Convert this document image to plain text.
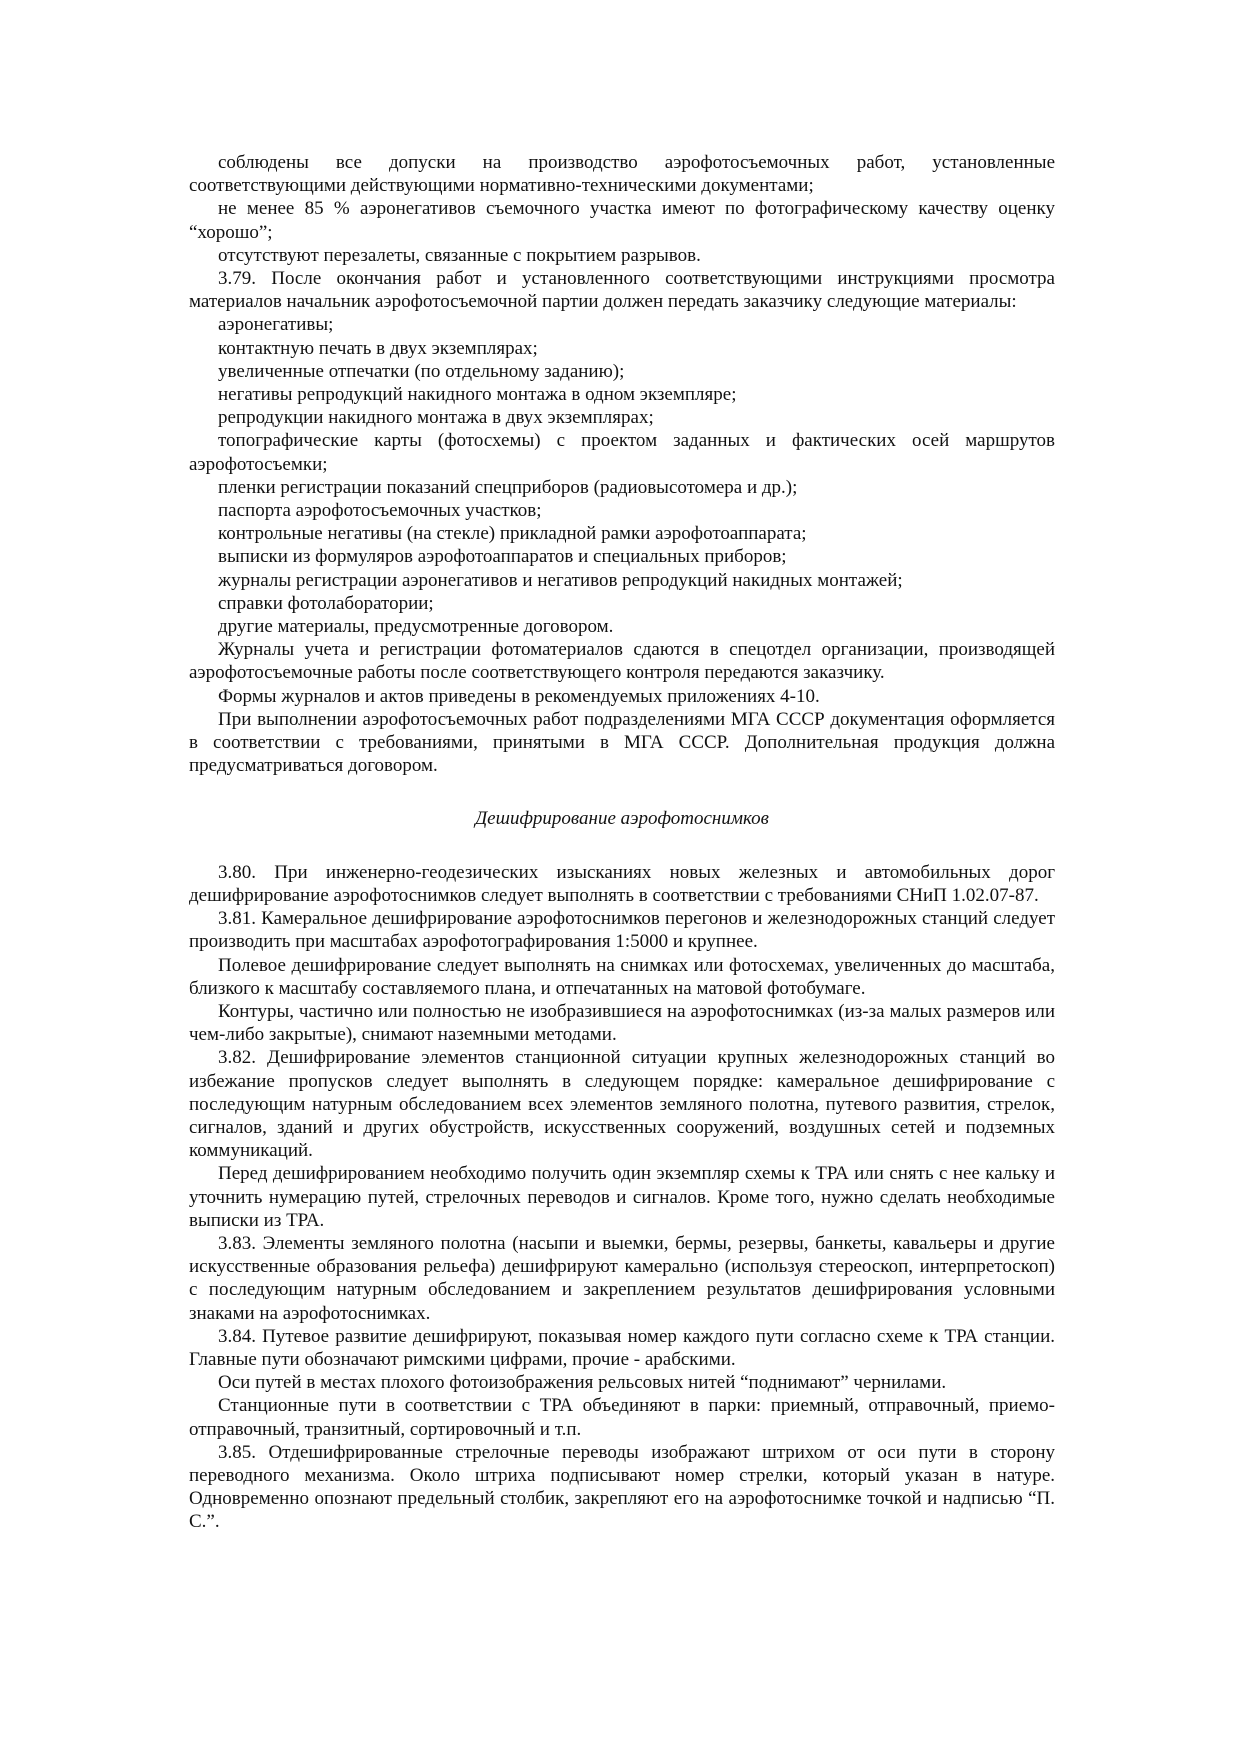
соблюдены все допуски на производство аэрофотосъемочных работ, установленные соответствующими действующими нормативно-техническими документами;

не менее 85 % аэронегативов съемочного участка имеют по фотографическому качеству оценку “хорошо”;

отсутствуют перезалеты, связанные с покрытием разрывов.

3.79. После окончания работ и установленного соответствующими инструкциями просмотра материалов начальник аэрофотосъемочной партии должен передать заказчику следующие материалы:

аэронегативы;

контактную печать в двух экземплярах;

увеличенные отпечатки (по отдельному заданию);

негативы репродукций накидного монтажа в одном экземпляре;

репродукции накидного монтажа в двух экземплярах;

топографические карты (фотосхемы) с проектом заданных и фактических осей маршрутов аэрофотосъемки;

пленки регистрации показаний спецприборов (радиовысотомера и др.);

паспорта аэрофотосъемочных участков;

контрольные негативы (на стекле) прикладной рамки аэрофотоаппарата;

выписки из формуляров аэрофотоаппаратов и специальных приборов;

журналы регистрации аэронегативов и негативов репродукций накидных монтажей;

справки фотолаборатории;

другие материалы, предусмотренные договором.

Журналы учета и регистрации фотоматериалов сдаются в спецотдел организации, производящей аэрофотосъемочные работы после соответствующего контроля передаются заказчику.

Формы журналов и актов приведены в рекомендуемых приложениях 4-10.

При выполнении аэрофотосъемочных работ подразделениями МГА СССР документация оформляется в соответствии с требованиями, принятыми в МГА СССР. Дополнительная продукция должна предусматриваться договором.

Дешифрирование аэрофотоснимков

3.80. При инженерно-геодезических изысканиях новых железных и автомобильных дорог дешифрирование аэрофотоснимков следует выполнять в соответствии с требованиями СНиП 1.02.07-87.

3.81. Камеральное дешифрирование аэрофотоснимков перегонов и железнодорожных станций следует производить при масштабах аэрофотографирования 1:5000 и крупнее.

Полевое дешифрирование следует выполнять на снимках или фотосхемах, увеличенных до масштаба, близкого к масштабу составляемого плана, и отпечатанных на матовой фотобумаге.

Контуры, частично или полностью не изобразившиеся на аэрофотоснимках (из-за малых размеров или чем-либо закрытые), снимают наземными методами.

3.82. Дешифрирование элементов станционной ситуации крупных железнодорожных станций во избежание пропусков следует выполнять в следующем порядке: камеральное дешифрирование с последующим натурным обследованием всех элементов земляного полотна, путевого развития, стрелок, сигналов, зданий и других обустройств, искусственных сооружений, воздушных сетей и подземных коммуникаций.

Перед дешифрированием необходимо получить один экземпляр схемы к ТРА или снять с нее кальку и уточнить нумерацию путей, стрелочных переводов и сигналов. Кроме того, нужно сделать необходимые выписки из ТРА.

3.83. Элементы земляного полотна (насыпи и выемки, бермы, резервы, банкеты, кавальеры и другие искусственные образования рельефа) дешифрируют камерально (используя стереоскоп, интерпретоскоп) с последующим натурным обследованием и закреплением результатов дешифрирования условными знаками на аэрофотоснимках.

3.84. Путевое развитие дешифрируют, показывая номер каждого пути согласно схеме к ТРА станции. Главные пути обозначают римскими цифрами, прочие - арабскими.

Оси путей в местах плохого фотоизображения рельсовых нитей “поднимают” чернилами.

Станционные пути в соответствии с ТРА объединяют в парки: приемный, отправочный, приемо-отправочный, транзитный, сортировочный и т.п.

3.85. Отдешифрированные стрелочные переводы изображают штрихом от оси пути в сторону переводного механизма. Около штриха подписывают номер стрелки, который указан в натуре. Одновременно опознают предельный столбик, закрепляют его на аэрофотоснимке точкой и надписью “П. С.”.
